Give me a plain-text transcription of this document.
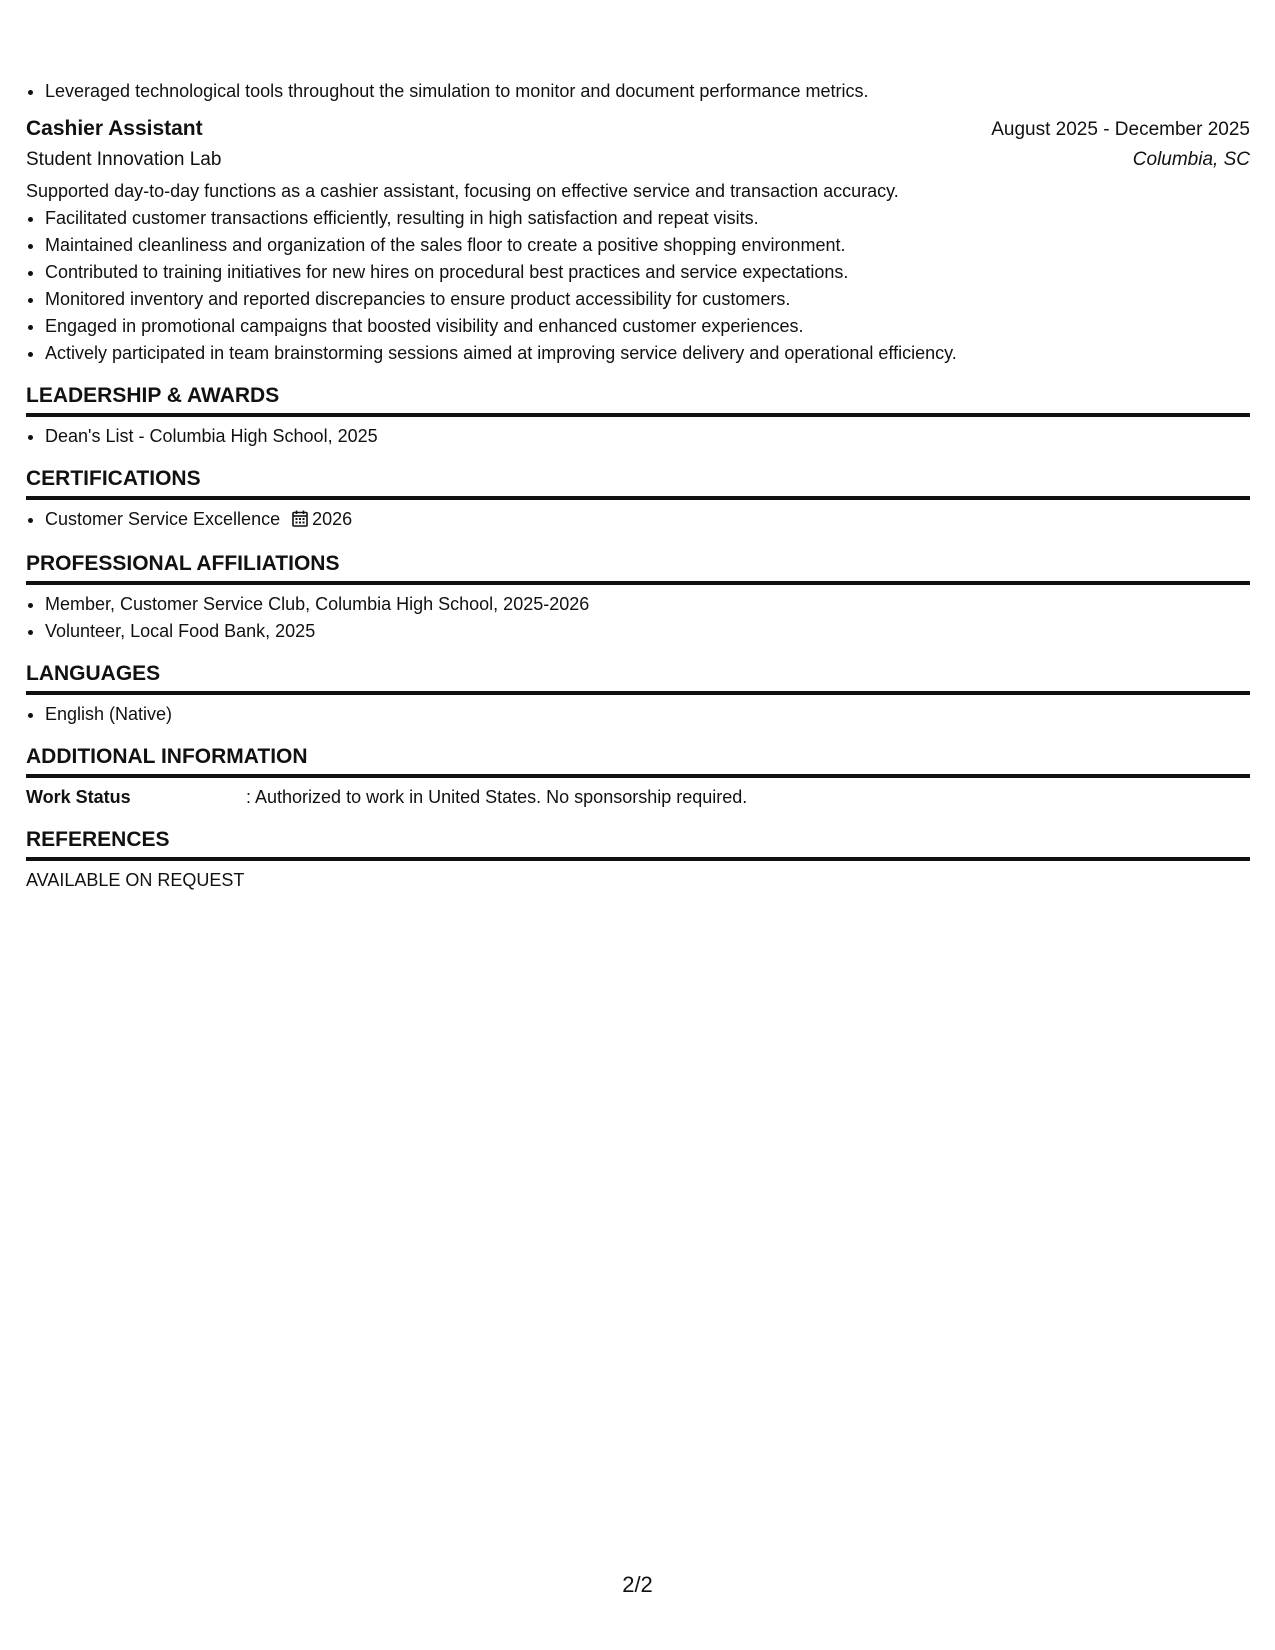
• Leveraged technological tools throughout the simulation to monitor and document performance metrics.
Cashier Assistant	August 2025 - December 2025
Student Innovation Lab	Columbia, SC
Supported day-to-day functions as a cashier assistant, focusing on effective service and transaction accuracy.
• Facilitated customer transactions efficiently, resulting in high satisfaction and repeat visits.
• Maintained cleanliness and organization of the sales floor to create a positive shopping environment.
• Contributed to training initiatives for new hires on procedural best practices and service expectations.
• Monitored inventory and reported discrepancies to ensure product accessibility for customers.
• Engaged in promotional campaigns that boosted visibility and enhanced customer experiences.
• Actively participated in team brainstorming sessions aimed at improving service delivery and operational efficiency.
LEADERSHIP & AWARDS
• Dean's List - Columbia High School, 2025
CERTIFICATIONS
• Customer Service Excellence 2026
PROFESSIONAL AFFILIATIONS
• Member, Customer Service Club, Columbia High School, 2025-2026
• Volunteer, Local Food Bank, 2025
LANGUAGES
• English (Native)
ADDITIONAL INFORMATION
Work Status	: Authorized to work in United States. No sponsorship required.
REFERENCES
AVAILABLE ON REQUEST
2/2
